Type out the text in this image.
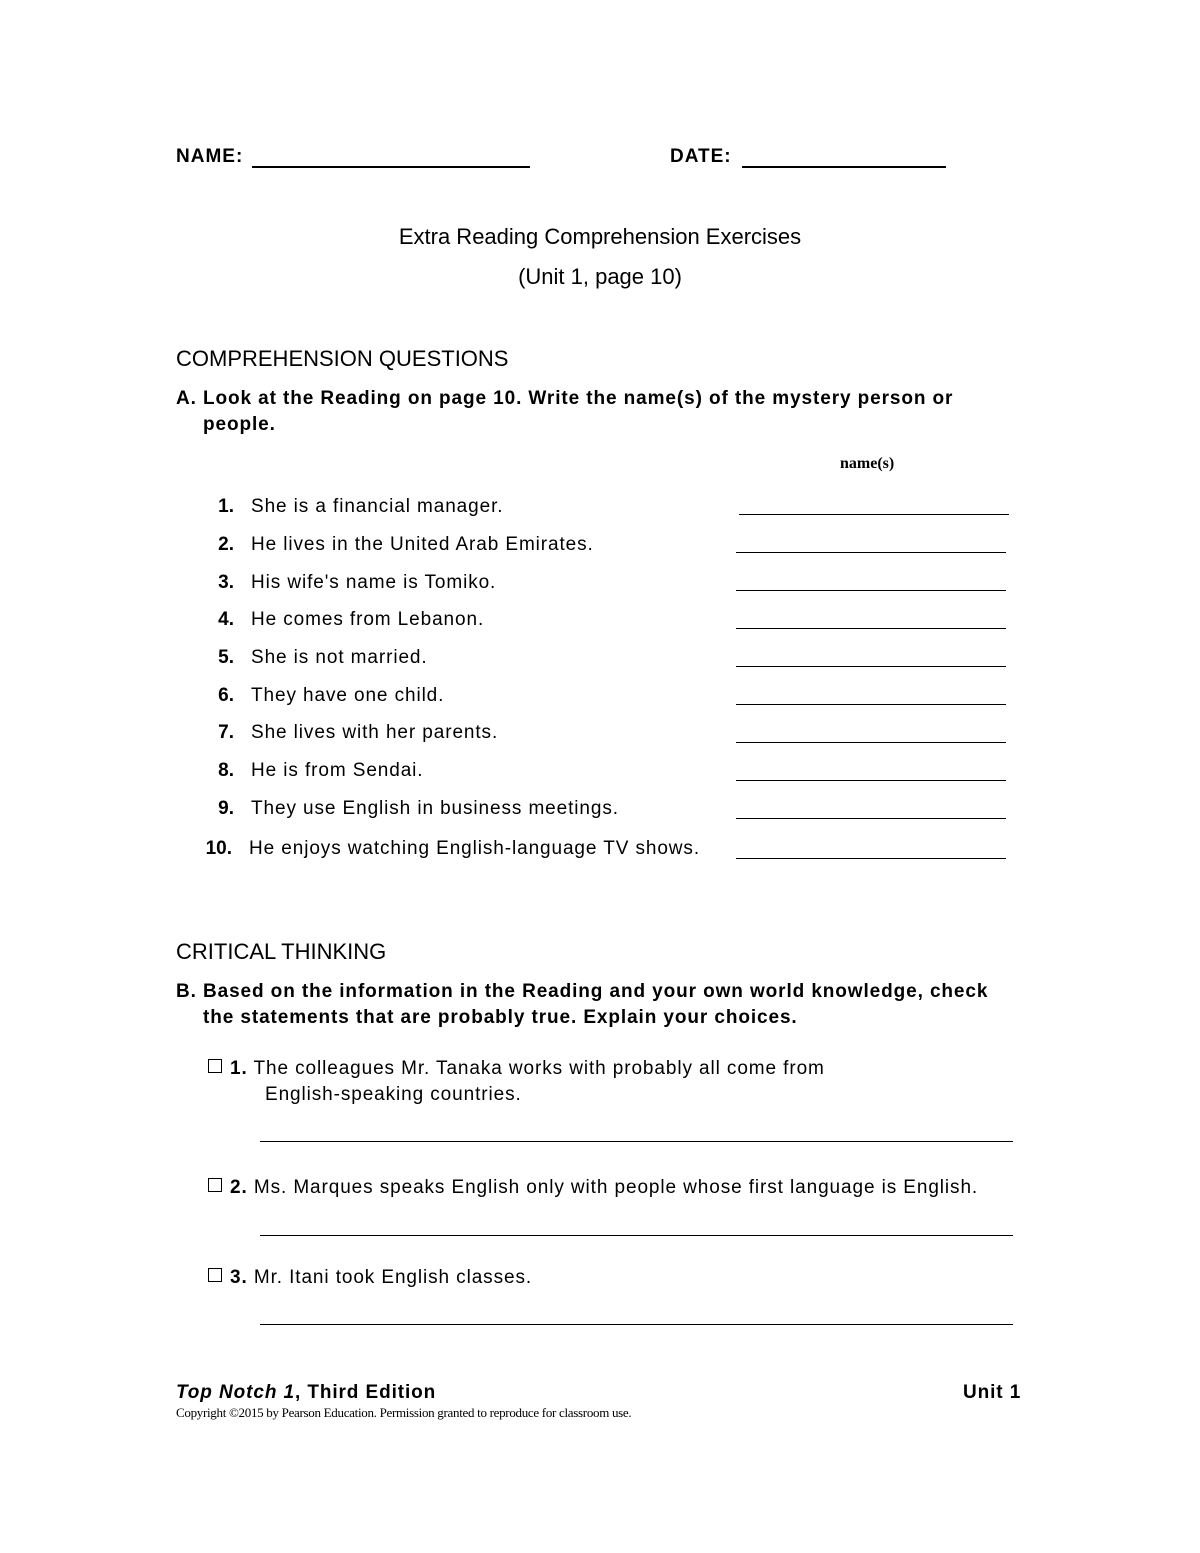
NAME:	DATE:
Extra Reading Comprehension Exercises
(Unit 1, page 10)
COMPREHENSION QUESTIONS
A. Look at the Reading on page 10. Write the name(s) of the mystery person or
people.
name(s)
1. She is a financial manager.
2. He lives in the United Arab Emirates.
3. His wife's name is Tomiko.
4. He comes from Lebanon.
5. She is not married.
6. They have one child.
7. She lives with her parents.
8. He is from Sendai.
9. They use English in business meetings.
10. He enjoys watching English-language TV shows.
CRITICAL THINKING
B. Based on the information in the Reading and your own world knowledge, check
the statements that are probably true. Explain your choices.
1. The colleagues Mr. Tanaka works with probably all come from
English-speaking countries.
2. Ms. Marques speaks English only with people whose first language is English.
3. Mr. Itani took English classes.
Top Notch 1, Third Edition	Unit 1
Copyright ©2015 by Pearson Education. Permission granted to reproduce for classroom use.
